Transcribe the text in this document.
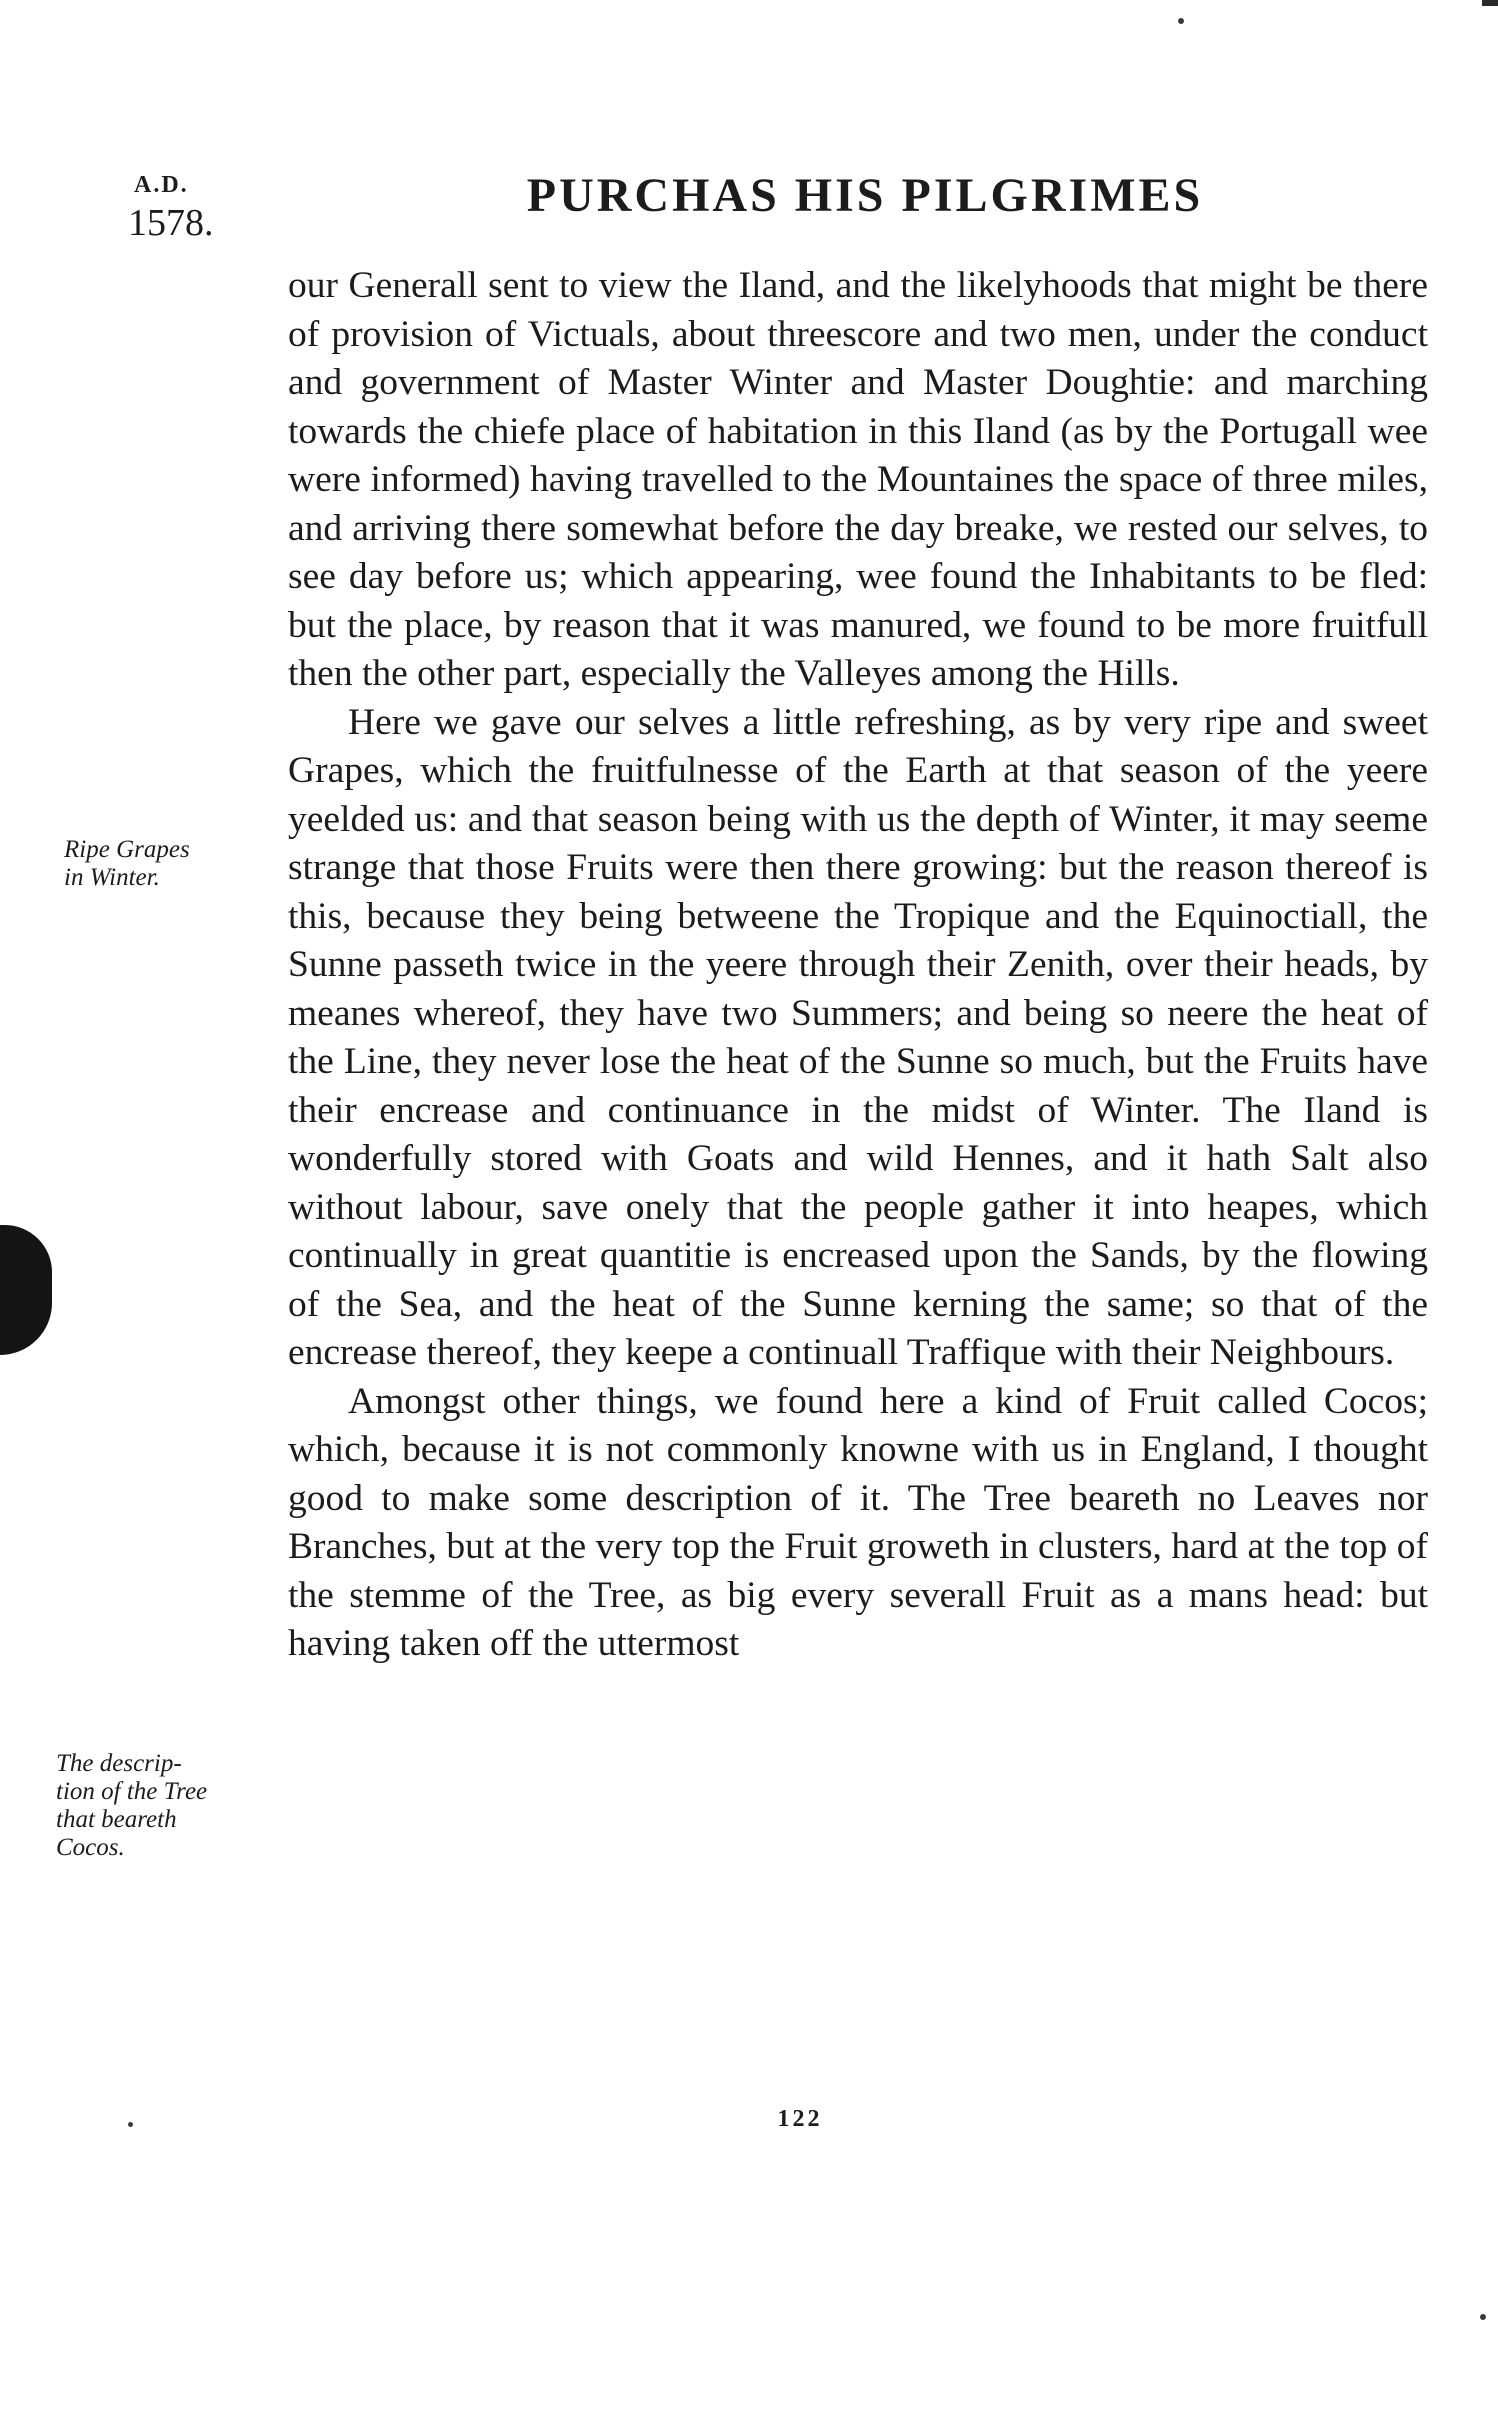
A.D.
1578.
PURCHAS HIS PILGRIMES
Ripe Grapes
in Winter.
The descrip-
tion of the Tree
that beareth
Cocos.

our Generall sent to view the Iland, and the likelyhoods that might be there of provision of Victuals, about threescore and two men, under the conduct and government of Master Winter and Master Doughtie: and marching towards the chiefe place of habitation in this Iland (as by the Portugall wee were informed) having travelled to the Mountaines the space of three miles, and arriving there somewhat before the day breake, we rested our selves, to see day before us; which appearing, wee found the Inhabitants to be fled: but the place, by reason that it was manured, we found to be more fruitfull then the other part, especially the Valleyes among the Hills.

Here we gave our selves a little refreshing, as by very ripe and sweet Grapes, which the fruitfulnesse of the Earth at that season of the yeere yeelded us: and that season being with us the depth of Winter, it may seeme strange that those Fruits were then there growing: but the reason thereof is this, because they being betweene the Tropique and the Equinoctiall, the Sunne passeth twice in the yeere through their Zenith, over their heads, by meanes whereof, they have two Summers; and being so neere the heat of the Line, they never lose the heat of the Sunne so much, but the Fruits have their encrease and continuance in the midst of Winter. The Iland is wonderfully stored with Goats and wild Hennes, and it hath Salt also without labour, save onely that the people gather it into heapes, which continually in great quantitie is encreased upon the Sands, by the flowing of the Sea, and the heat of the Sunne kerning the same; so that of the encrease thereof, they keepe a continuall Traffique with their Neighbours.

Amongst other things, we found here a kind of Fruit called Cocos; which, because it is not commonly knowne with us in England, I thought good to make some description of it. The Tree beareth no Leaves nor Branches, but at the very top the Fruit groweth in clusters, hard at the top of the stemme of the Tree, as big every severall Fruit as a mans head: but having taken off the uttermost

122
